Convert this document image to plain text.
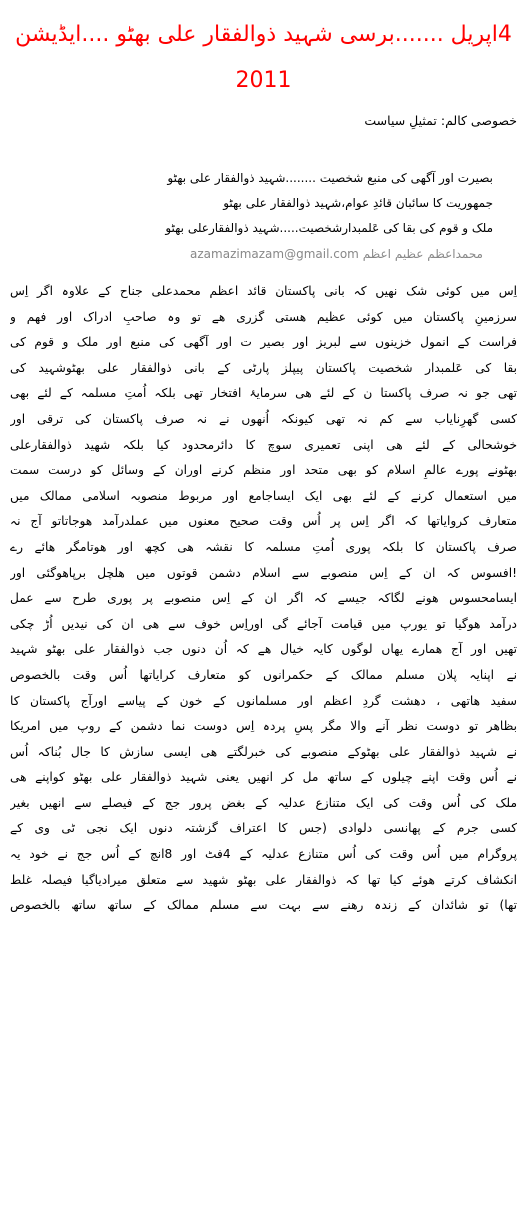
4اپریل .......برسی شہید ذوالفقار علی بھٹو ....ایڈیشن
2011
خصوصی کالم: تمثیلِ سیاست
بصیرت اور آگھی کی منبع شخصیت ........شہید ذوالفقار علی بھٹو
جمھوریت کا سائبان قائدِ عوام،شہید ذوالفقار علی بھٹو
ملک و قوم کی بقا کی عَلمبدارشخصیت.....شہید ذوالفقارعلی بھٹو
محمداعظم عظیم اعظم azamazimazam@gmail.com
اِس میں کوئی شک نھیں کہ بانی پاکستان قائد اعظم محمدعلی جناح کے علاوہ اگر اِس
سرزمینِ پاکستان میں کوئی عظیم ھستی گزری ھے تو وہ صاحبِ ادراک اور فھم و
فراست کے انمول خزینوں سے لبریز اور بصیر ت اور آگھی کی منبع اور ملک و قوم کی
بقا کی عَلمبدار شخصیت پاکستان پیپلز پارٹی کے بانی ذوالفقار علی بھٹوشہید کی
تھی جو نہ صرف پاکستا ن کے لئے ھی سرمایۂ افتخار تھی بلکہ اُمتِ مسلمہ کے لئے بھی
کسی گھرِنایاب سے کم نہ تھی کیونکہ اُنھوں نے نہ صرف پاکستان کی ترقی اور
خوشحالی کے لئے ھی اپنی تعمیری سوچ کا دائرمحدود کیا بلکہ شھید ذوالفقارعلی
بھٹونے پورے عالمِ اسلام کو بھی متحد اور منظم کرنے اوران کے وسائل کو درست سمت
میں استعمال کرنے کے لئے بھی ایک ایساجامع اور مربوط منصوبہ اسلامی ممالک میں
متعارف کروایاتھا کہ اگر اِس پر اُس وقت صحیح معنوں میں عملدرآمد ھوجاتاتو آج نہ
صرف پاکستان کا بلکہ پوری اُمتِ مسلمہ کا نقشہ ھی کچھ اور ھوتامگر ھائے رے
!افسوس کہ ان کے اِس منصوبے سے اسلام دشمن قوتوں میں ھلچل برپاھوگئی اور
ایسامحسوس ھونے لگاکہ جیسے کہ اگر ان کے اِس منصوبے پر پوری طرح سے عمل
درآمد ھوگیا تو یورپ میں قیامت آجائے گی اوراِس خوف سے ھی ان کی نیدیں اُڑ چکی
تھیں اور آج ھمارے یھاں لوگوں کایہ خیال ھے کہ اُن دنوں جب ذوالفقار علی بھٹو شہید
نے اپنایہ پلان مسلم ممالک کے حکمرانوں کو متعارف کرایاتھا اُس وقت بالخصوص
سفید ھاتھی ، دھشت گردِ اعظم اور مسلمانوں کے خون کے پیاسے اورآج پاکستان کا
بظاھر تو دوست نظر آنے والا مگر پسِ پردہ اِس دوست نما دشمن کے روپ میں امریکا
نے شہید ذوالفقار علی بھٹوکے منصوبے کی خبرلگتے ھی ایسی سازش کا جال بُناکہ اُس
نے اُس وقت اپنے چیلوں کے ساتھ مل کر انھیں یعنی شہید ذوالفقار علی بھٹو کواپنے ھی
ملک کی اُس وقت کی ایک متنازع عدلیہ کے بغض پرور جج کے فیصلے سے انھیں بغیر
کسی جرم کے پھانسی دلوادی (جس کا اعتراف گزشتہ دنوں ایک نجی ٹی وی کے
پروگرام میں اُس وقت کی اُس متنازع عدلیہ کے 4فٹ اور 8انچ کے اُس جج نے خود یہ
انکشاف کرتے ھوئے کیا تھا کہ ذوالفقار علی بھٹو شھید سے متعلق میرادیاگیا فیصلہ غلط
تھا) تو شائدان کے زندہ رھنے سے بہت سے مسلم ممالک کے ساتھ ساتھ بالخصوص
